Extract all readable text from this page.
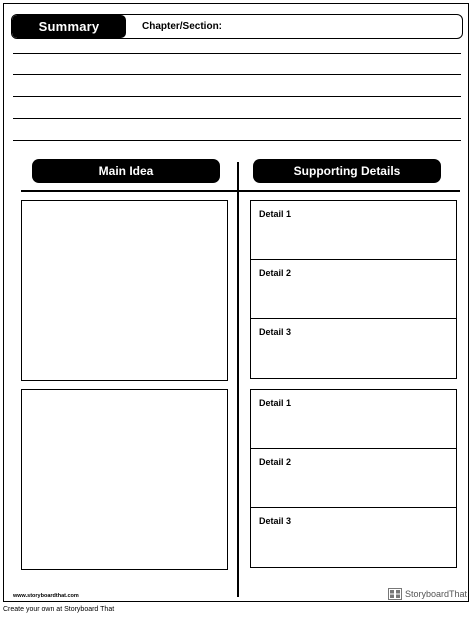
Summary	Chapter/Section:
Main Idea	Supporting Details
Detail 1
Detail 2
Detail 3
Detail 1
Detail 2
Detail 3
www.storyboardthat.com	StoryboardThat
Create your own at Storyboard That
